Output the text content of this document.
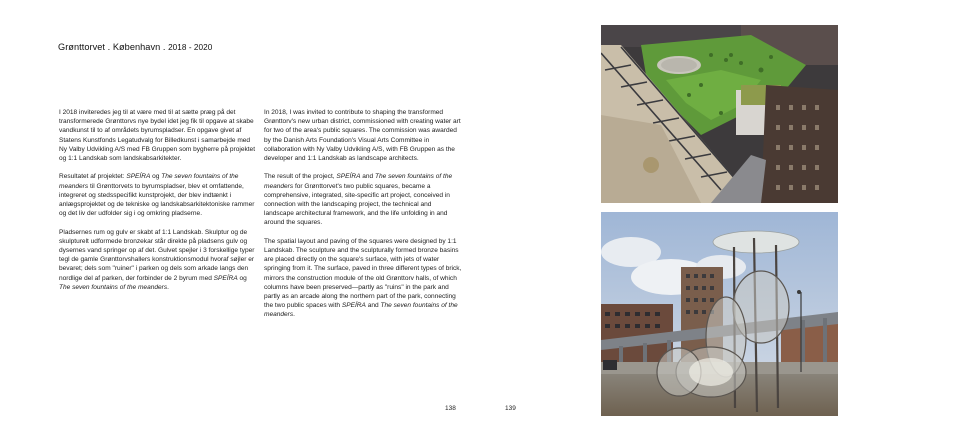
Grønttorvet . København . 2018 - 2020

I 2018 inviteredes jeg til at være med til at sætte præg på det transformerede Grønttorvs nye bydel idet jeg fik til opgave at skabe vandkunst til to af områdets byrumspladser. En opgave givet af Statens Kunstfonds Legatudvalg for Billedkunst i samarbejde med Ny Valby Udvikling A/S med FB Gruppen som bygherre på projektet og 1:1 Landskab som landskabsarkitekter.

Resultatet af projektet: SPEÍRA og The seven fountains of the meanders til Grønttorvets to byrumspladser, blev et omfattende, integreret og stedsspecifikt kunstprojekt, der blev indtænkt i anlægsprojektet og de tekniske og landskabsarkitektoniske rammer og det liv der udfolder sig i og omkring pladserne.

Pladsernes rum og gulv er skabt af 1:1 Landskab. Skulptur og de skulpturelt udformede bronzekar står direkte på pladsens gulv og dysernes vand springer op af det. Gulvet spejler i 3 forskellige typer tegl de gamle Grønttorvshallers konstruktionsmodul hvoraf søjler er bevaret; dels som "ruiner" i parken og dels som arkade langs den nordlige del af parken, der forbinder de 2 byrum med SPEÍRA og The seven fountains of the meanders.

In 2018, I was invited to contribute to shaping the transformed Grønttorv's new urban district, commissioned with creating water art for two of the area's public squares. The commission was awarded by the Danish Arts Foundation's Visual Arts Committee in collaboration with Ny Valby Udvikling A/S, with FB Gruppen as the developer and 1:1 Landskab as landscape architects.

The result of the project, SPEÍRA and The seven fountains of the meanders for Grønttorvet's two public squares, became a comprehensive, integrated, site-specific art project, conceived in connection with the landscaping project, the technical and landscape architectural framework, and the life unfolding in and around the squares.

The spatial layout and paving of the squares were designed by 1:1 Landskab. The sculpture and the sculpturally formed bronze basins are placed directly on the square's surface, with jets of water springing from it. The surface, paved in three different types of brick, mirrors the construction module of the old Grønttorv halls, of which columns have been preserved—partly as "ruins" in the park and partly as an arcade along the northern part of the park, connecting the two public spaces with SPEÍRA and The seven fountains of the meanders.

138	139
